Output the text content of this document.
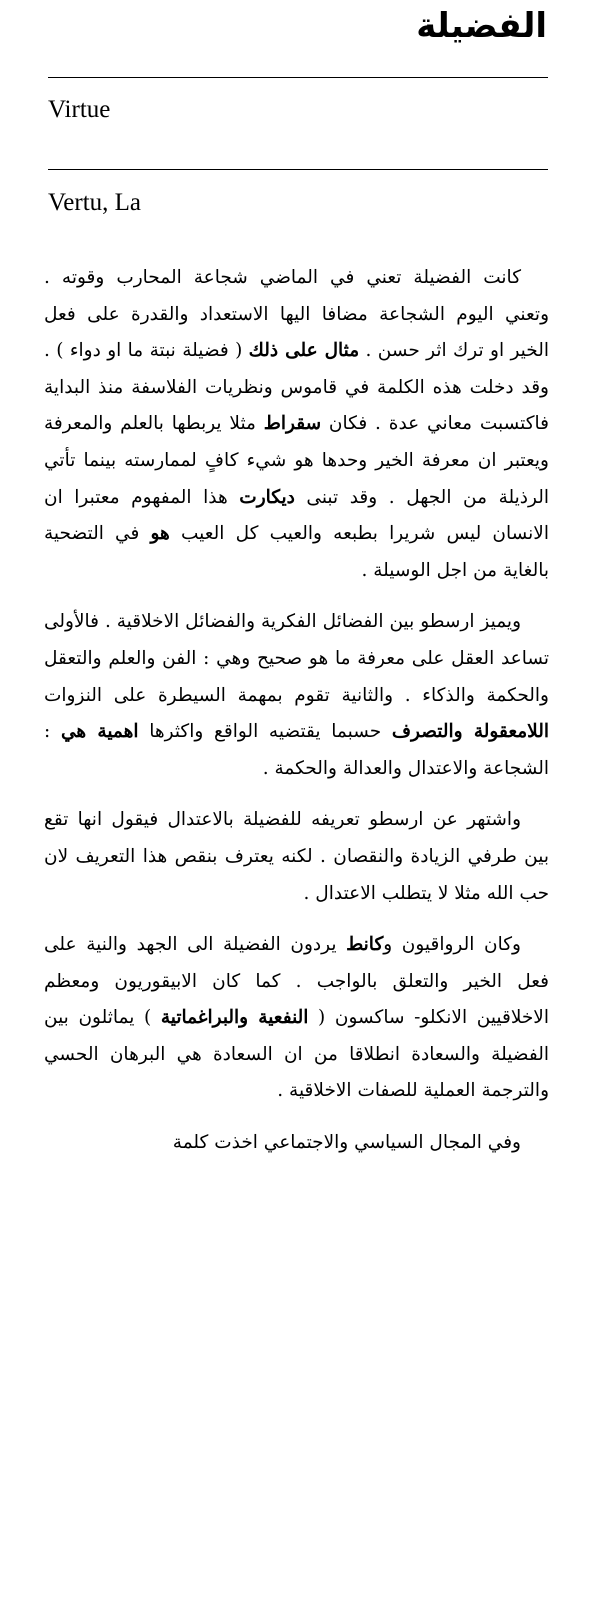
الفضيلة
Virtue
Vertu, La

كانت الفضيلة تعني في الماضي شجاعة المحارب وقوته . وتعني اليوم الشجاعة مضافا اليها الاستعداد والقدرة على فعل الخير او ترك اثر حسن . مثال على ذلك ( فضيلة نبتة ما او دواء ) . وقد دخلت هذه الكلمة في قاموس ونظريات الفلاسفة منذ البداية فاكتسبت معاني عدة . فكان سقراط مثلا يربطها بالعلم والمعرفة ويعتبر ان معرفة الخير وحدها هو شيء كافٍ لممارسته بينما تأتي الرذيلة من الجهل . وقد تبنى ديكارت هذا المفهوم معتبرا ان الانسان ليس شريرا بطبعه والعيب كل العيب هو في التضحية بالغاية من اجل الوسيلة .

ويميز ارسطو بين الفضائل الفكرية والفضائل الاخلاقية . فالأولى تساعد العقل على معرفة ما هو صحيح وهي : الفن والعلم والتعقل والحكمة والذكاء . والثانية تقوم بمهمة السيطرة على النزوات اللامعقولة والتصرف حسبما يقتضيه الواقع واكثرها اهمية هي : الشجاعة والاعتدال والعدالة والحكمة .

واشتهر عن ارسطو تعريفه للفضيلة بالاعتدال فيقول انها تقع بين طرفي الزيادة والنقصان . لكنه يعترف بنقص هذا التعريف لان حب الله مثلا لا يتطلب الاعتدال .

وكان الرواقيون وكانط يردون الفضيلة الى الجهد والنية على فعل الخير والتعلق بالواجب . كما كان الابيقوريون ومعظم الاخلاقيين الانكلو- ساكسون ( النفعية والبراغماتية ) يماثلون بين الفضيلة والسعادة انطلاقا من ان السعادة هي البرهان الحسي والترجمة العملية للصفات الاخلاقية .

وفي المجال السياسي والاجتماعي اخذت كلمة
